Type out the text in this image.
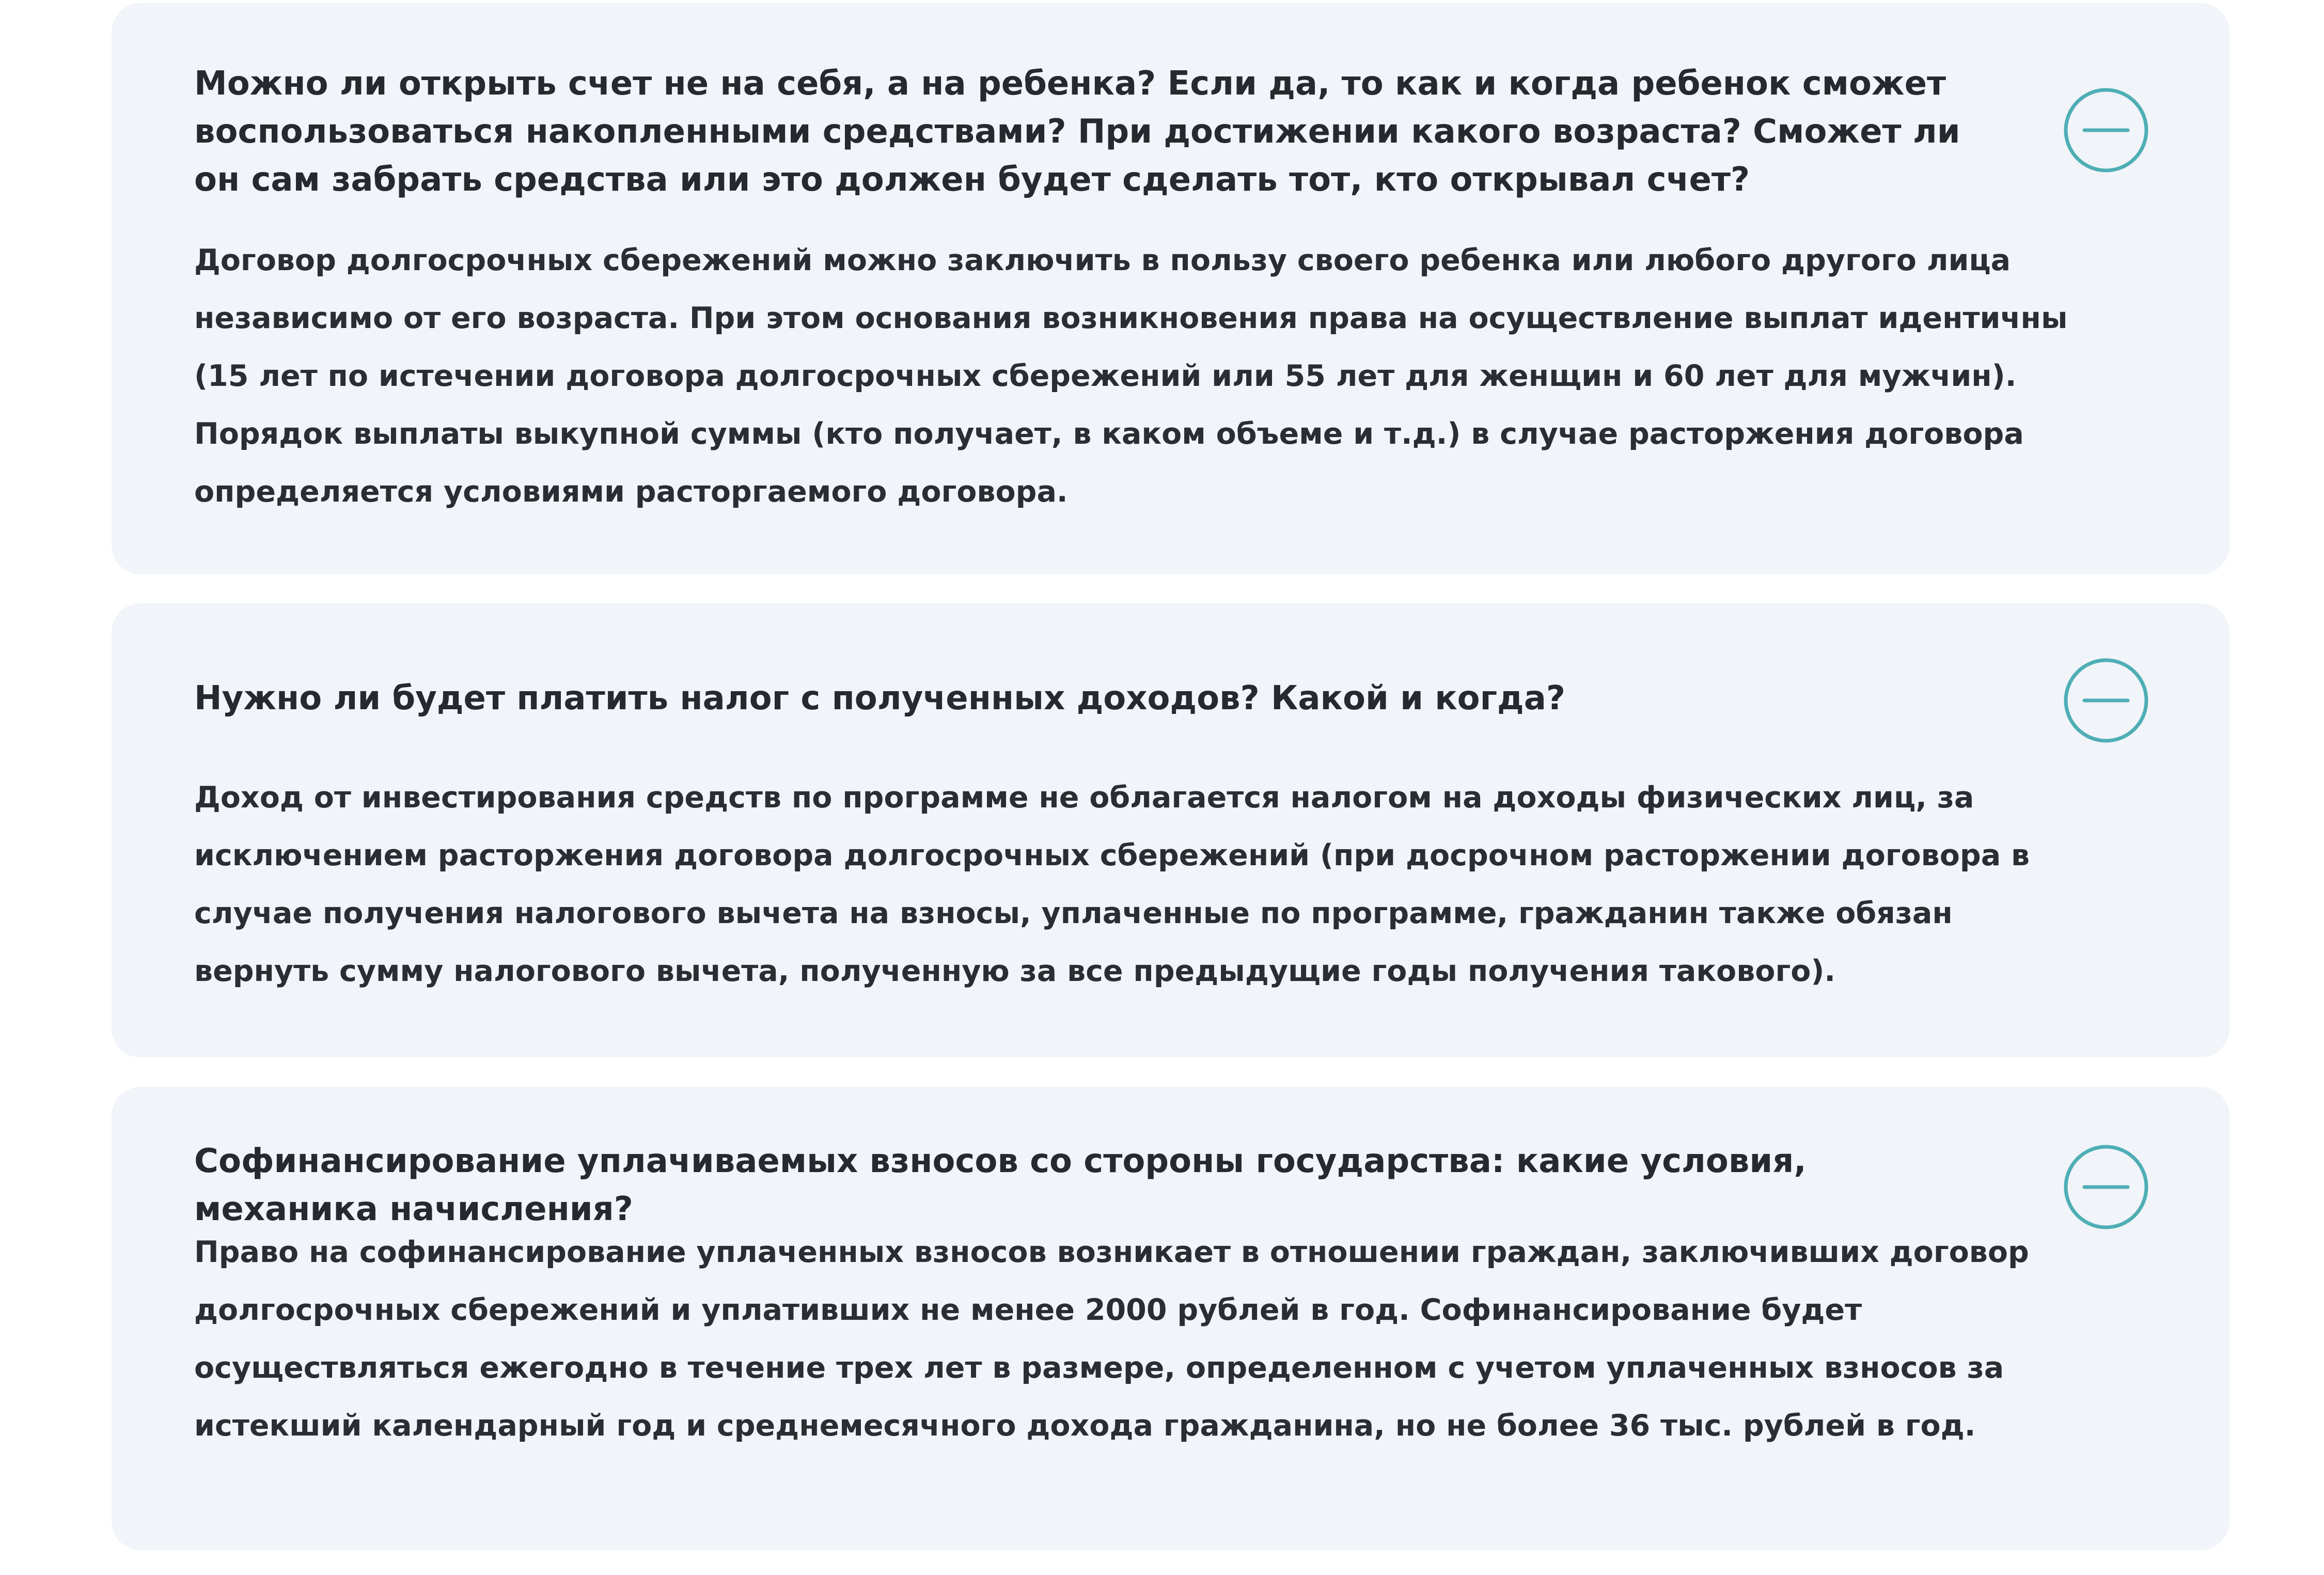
Можно ли открыть счет не на себя, а на ребенка? Если да, то как и когда ребенок сможет воспользоваться накопленными средствами? При достижении какого возраста? Сможет ли он сам забрать средства или это должен будет сделать тот, кто открывал счет?

Договор долгосрочных сбережений можно заключить в пользу своего ребенка или любого другого лица независимо от его возраста. При этом основания возникновения права на осуществление выплат идентичны (15 лет по истечении договора долгосрочных сбережений или 55 лет для женщин и 60 лет для мужчин). Порядок выплаты выкупной суммы (кто получает, в каком объеме и т.д.) в случае расторжения договора определяется условиями расторгаемого договора.

Нужно ли будет платить налог с полученных доходов? Какой и когда?

Доход от инвестирования средств по программе не облагается налогом на доходы физических лиц, за исключением расторжения договора долгосрочных сбережений (при досрочном расторжении договора в случае получения налогового вычета на взносы, уплаченные по программе, гражданин также обязан вернуть сумму налогового вычета, полученную за все предыдущие годы получения такового).

Софинансирование уплачиваемых взносов со стороны государства: какие условия, механика начисления?

Право на софинансирование уплаченных взносов возникает в отношении граждан, заключивших договор долгосрочных сбережений и уплативших не менее 2000 рублей в год. Софинансирование будет осуществляться ежегодно в течение трех лет в размере, определенном с учетом уплаченных взносов за истекший календарный год и среднемесячного дохода гражданина, но не более 36 тыс. рублей в год.
